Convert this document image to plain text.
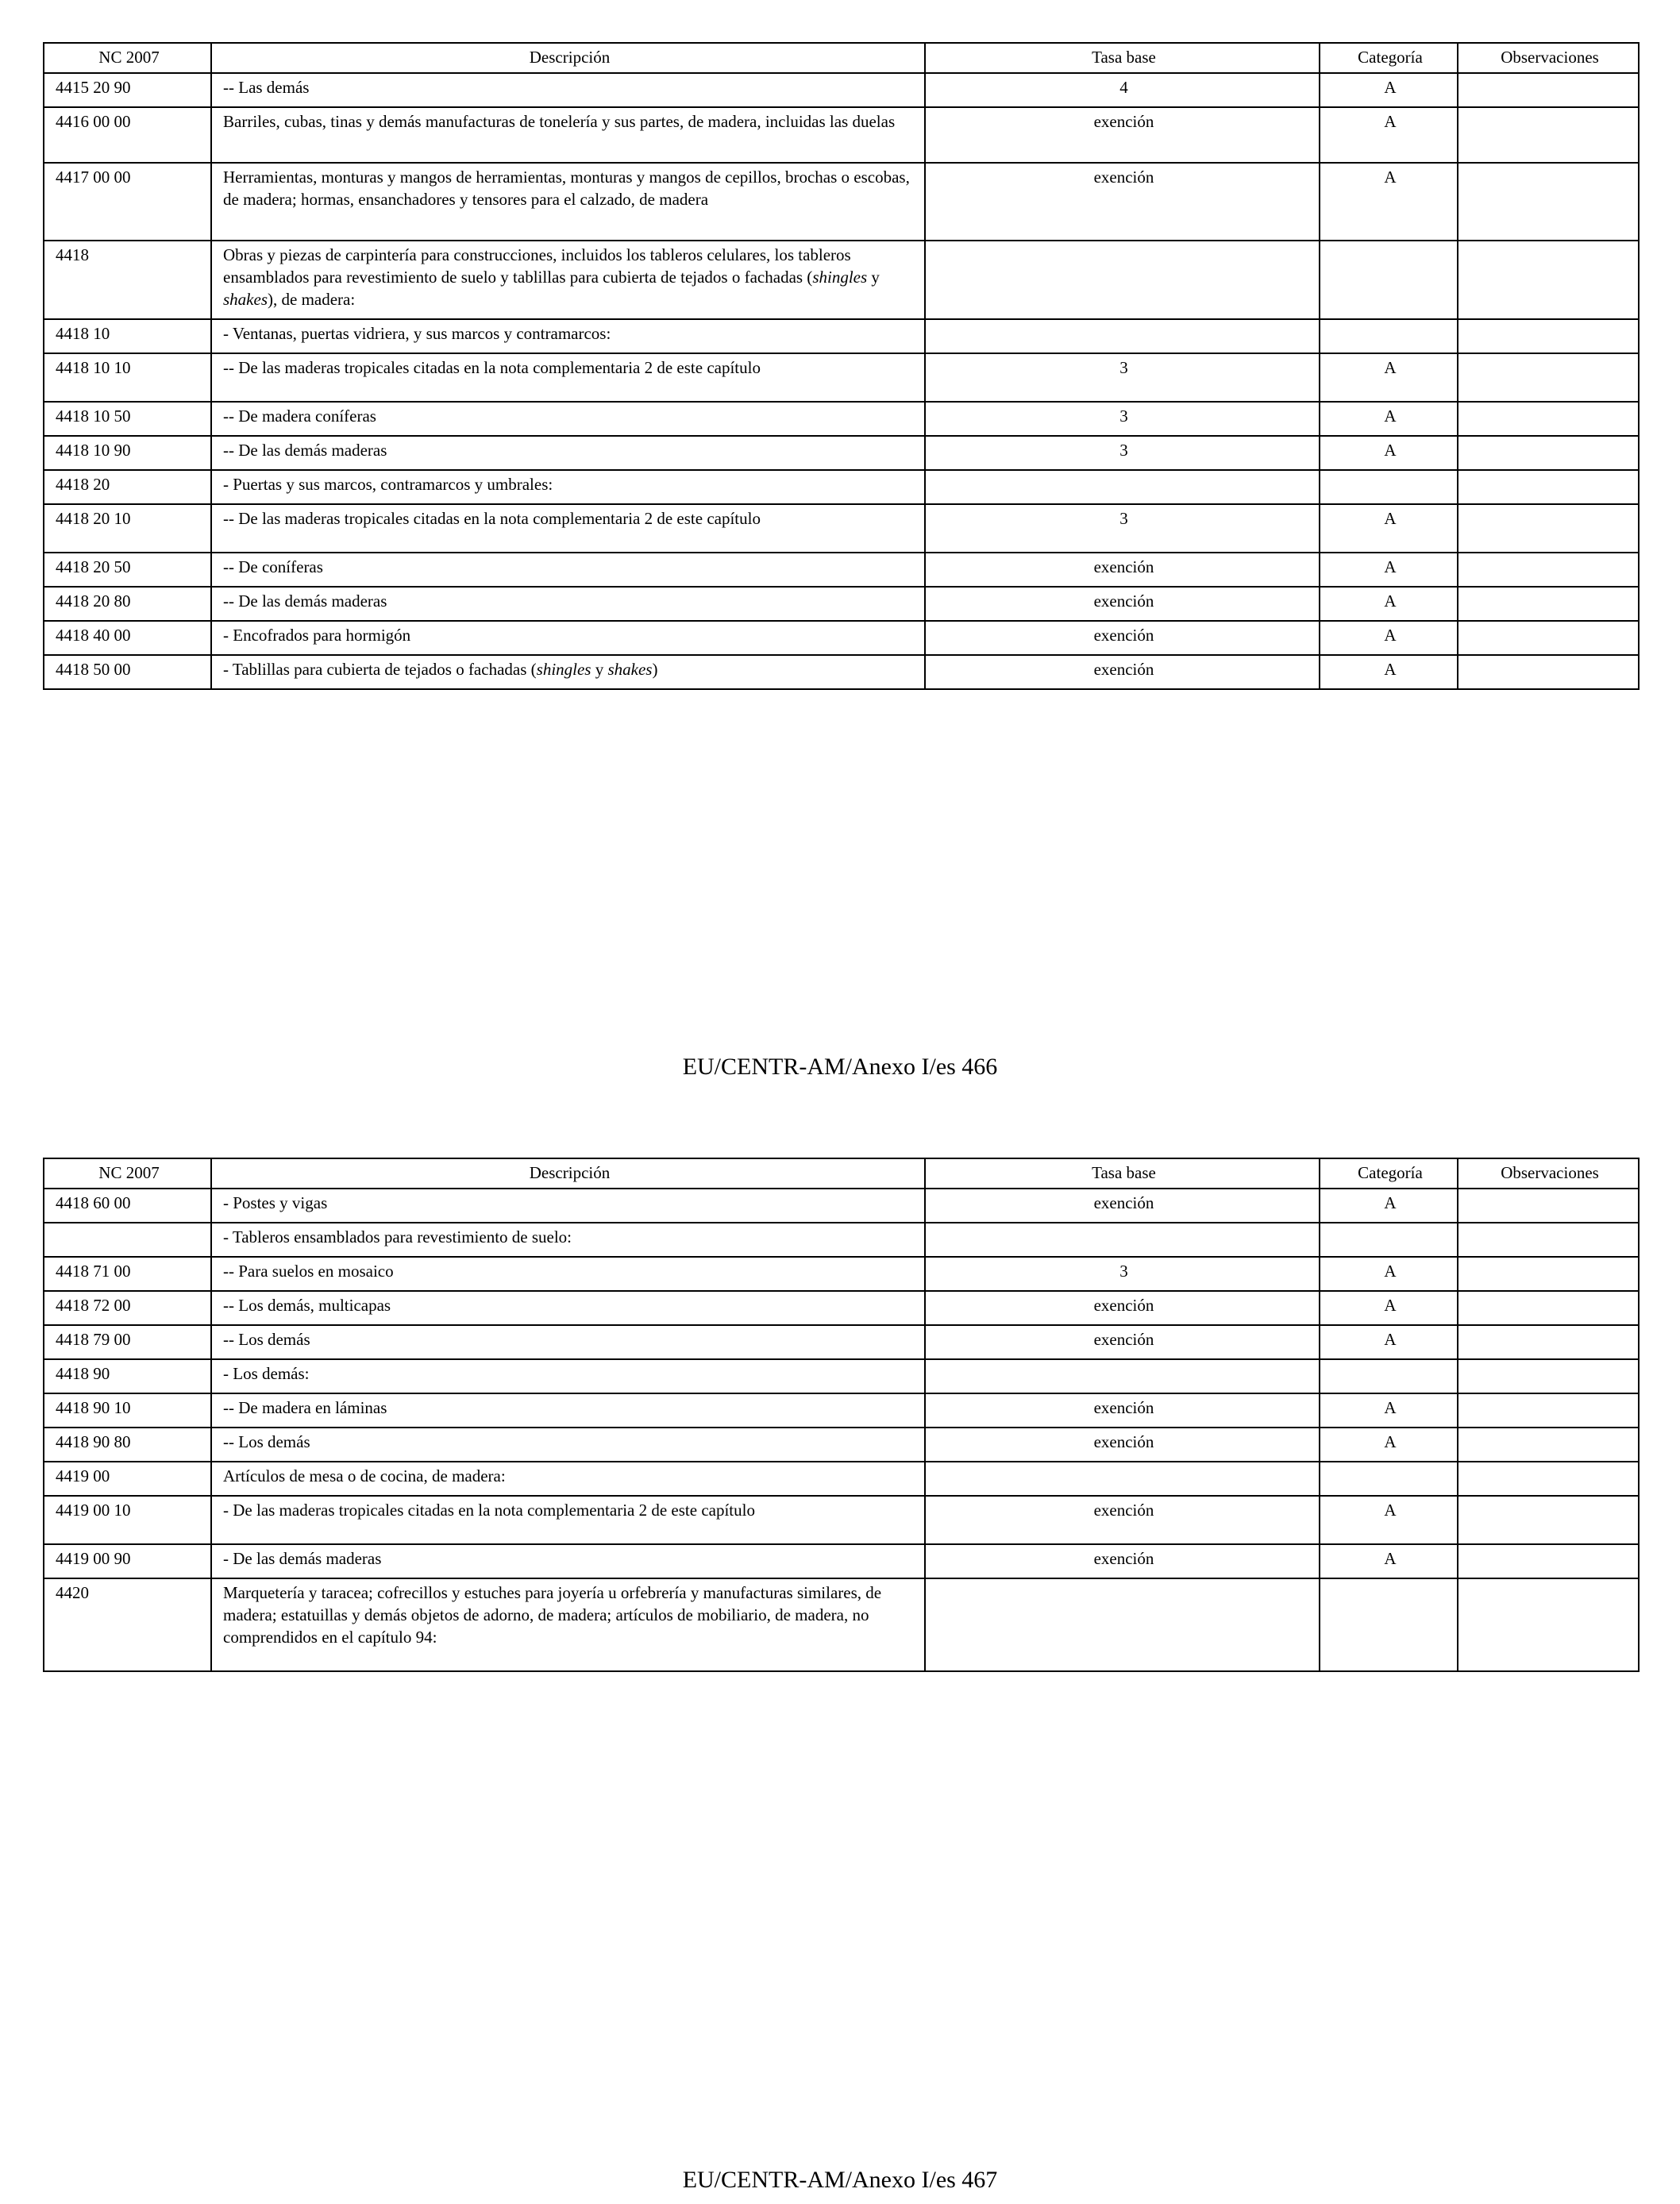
NC 2007	Descripción	Tasa base	Categoría	Observaciones
4415 20 90	-- Las demás	4	A	
4416 00 00	Barriles, cubas, tinas y demás manufacturas de tonelería y sus partes, de madera, incluidas las duelas	exención	A	
4417 00 00	Herramientas, monturas y mangos de herramientas, monturas y mangos de cepillos, brochas o escobas, de madera; hormas, ensanchadores y tensores para el calzado, de madera	exención	A	
4418	Obras y piezas de carpintería para construcciones, incluidos los tableros celulares, los tableros ensamblados para revestimiento de suelo y tablillas para cubierta de tejados o fachadas (shingles y shakes), de madera:			
4418 10	- Ventanas, puertas vidriera, y sus marcos y contramarcos:			
4418 10 10	-- De las maderas tropicales citadas en la nota complementaria 2 de este capítulo	3	A	
4418 10 50	-- De madera coníferas	3	A	
4418 10 90	-- De las demás maderas	3	A	
4418 20	- Puertas y sus marcos, contramarcos y umbrales:			
4418 20 10	-- De las maderas tropicales citadas en la nota complementaria 2 de este capítulo	3	A	
4418 20 50	-- De coníferas	exención	A	
4418 20 80	-- De las demás maderas	exención	A	
4418 40 00	- Encofrados para hormigón	exención	A	
4418 50 00	- Tablillas para cubierta de tejados o fachadas (shingles y shakes)	exención	A	
EU/CENTR-AM/Anexo I/es 466
NC 2007	Descripción	Tasa base	Categoría	Observaciones
4418 60 00	- Postes y vigas	exención	A	
	- Tableros ensamblados para revestimiento de suelo:			
4418 71 00	-- Para suelos en mosaico	3	A	
4418 72 00	-- Los demás, multicapas	exención	A	
4418 79 00	-- Los demás	exención	A	
4418 90	- Los demás:			
4418 90 10	-- De madera en láminas	exención	A	
4418 90 80	-- Los demás	exención	A	
4419 00	Artículos de mesa o de cocina, de madera:			
4419 00 10	- De las maderas tropicales citadas en la nota complementaria 2 de este capítulo	exención	A	
4419 00 90	- De las demás maderas	exención	A	
4420	Marquetería y taracea; cofrecillos y estuches para joyería u orfebrería y manufacturas similares, de madera; estatuillas y demás objetos de adorno, de madera; artículos de mobiliario, de madera, no comprendidos en el capítulo 94:			
EU/CENTR-AM/Anexo I/es 467
